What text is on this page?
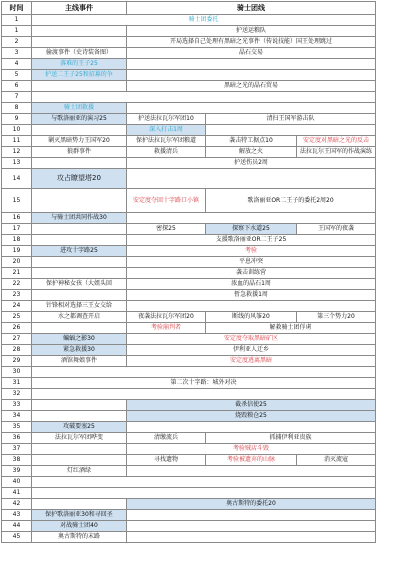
时间	主线事件	骑士团线		
1	骑士团委托			
1		护送运粮队		
2		开局选择自己处理有黑暗之光事件（传说技能）国王处理跳过		
3	偷渡事件（史诗装备图）	晶石交易		
4	落难的王子25			
5	护送二王子25和招募的争			
6		黑暗之光的晶石贸易		
7				
8	骑士团救援			
9	与歌洛丽亚的演习25	护送法拉瓦尔军团10	清扫王国军游击队	
10		深入打击1周		
11	剿灭黑暗势力王国军20	保护法拉瓦尔军团粮道	袭击特工据点10	安定度对黑暗之光的反击
12	狼群事件	救援清兵	解放之火	法拉瓦尔王国军的作战演练
13		护送伤员2周		
14	攻占瞭望塔20			
15		安定度夺回十字路口小镇	歌洛丽亚OR二王子的委托2周20	
16	与骑士团共同作战30			
17		密探25	探察下水道25	王国军的夜袭
18		支援歌洛丽亚OR二王子25		
19	进攻十字路25	考验		
20		平息冲突		
21		袭击训练营		
22	保护神秘女孩（大姐头回	浓血的晶石1周		
23		暂急救援1周		
24	针锋相对选择三王女交给			
25	水之都调查开启	夜袭法拉瓦尔军团20	断线的风筝20	第三个势力20
26		考验崩判者	解救骑士团俘虏	
27	蝙蝠之影30	安定度夺取黑暗矿区		
28	紧急救援30	伊利亚人迁乡		
29	酒馆舞娘事件	安定度逃离黑暗		
30				
31	第二次十字路：城外对决			
32				
33		截杀信使25		
34		烧毁粮仓25		
35	攻破要塞25			
36	法拉瓦尔军团哗变	清缴流兵	抓捕伊利亚贵族	
37		考验贼店斗毁		
38		寻找遗物	考验被遗弃的山脉	消灭流寇
39	灯红酒绿			
40				
41				
42		奥古斯特的委托20		
43	保护歌洛丽亚30和寻回圣			
44	对战骑士团40			
45	奥古斯特的末路			
